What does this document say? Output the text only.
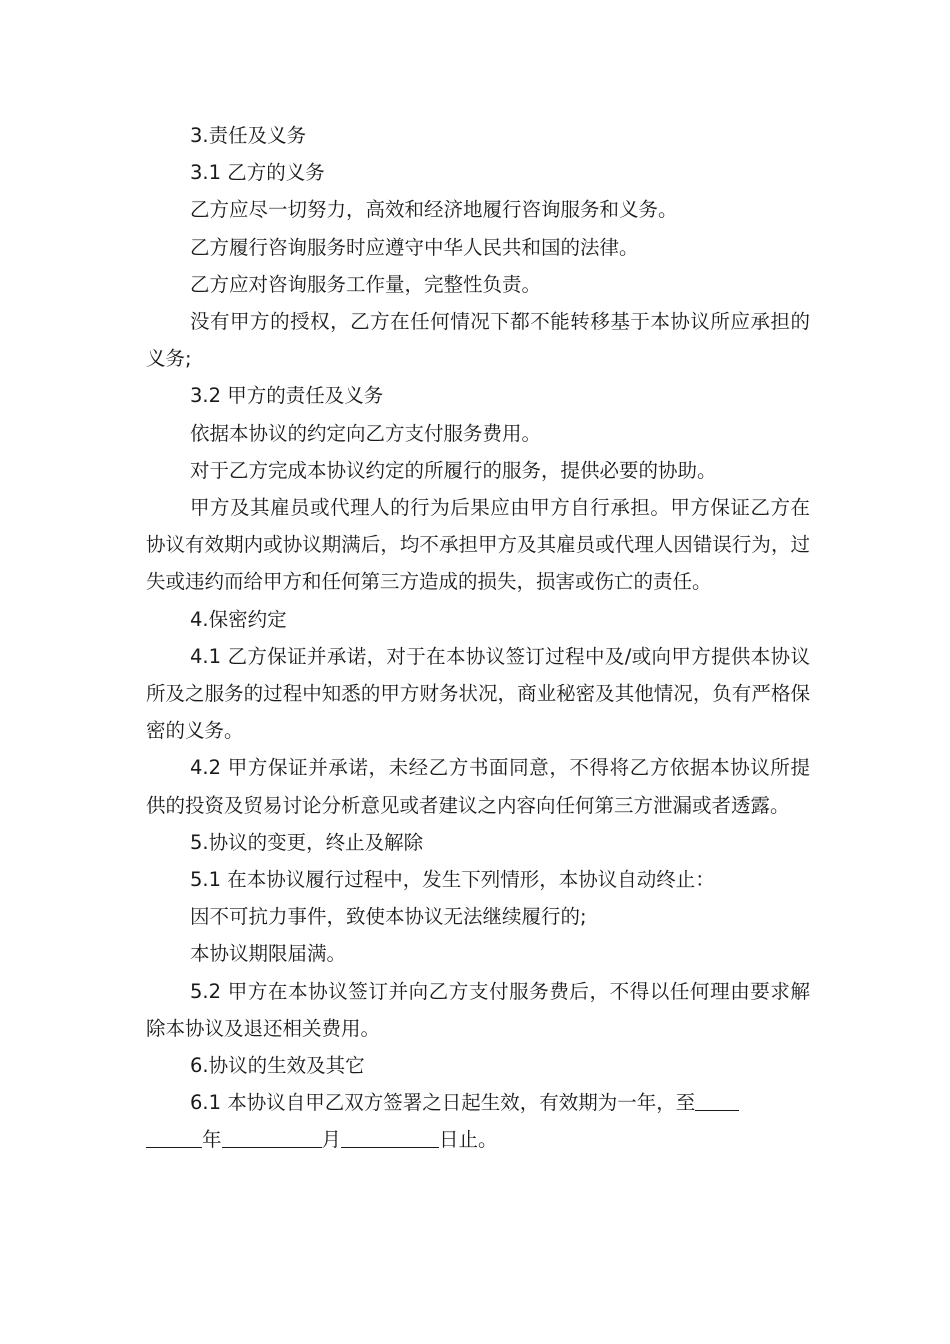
3.责任及义务

3.1 乙方的义务

乙方应尽一切努力，高效和经济地履行咨询服务和义务。

乙方履行咨询服务时应遵守中华人民共和国的法律。

乙方应对咨询服务工作量，完整性负责。

没有甲方的授权，乙方在任何情况下都不能转移基于本协议所应承担的义务;

3.2 甲方的责任及义务

依据本协议的约定向乙方支付服务费用。

对于乙方完成本协议约定的所履行的服务，提供必要的协助。

甲方及其雇员或代理人的行为后果应由甲方自行承担。甲方保证乙方在协议有效期内或协议期满后，均不承担甲方及其雇员或代理人因错误行为，过失或违约而给甲方和任何第三方造成的损失，损害或伤亡的责任。

4.保密约定

4.1 乙方保证并承诺，对于在本协议签订过程中及/或向甲方提供本协议所及之服务的过程中知悉的甲方财务状况，商业秘密及其他情况，负有严格保密的义务。

4.2 甲方保证并承诺，未经乙方书面同意，不得将乙方依据本协议所提供的投资及贸易讨论分析意见或者建议之内容向任何第三方泄漏或者透露。

5.协议的变更，终止及解除

5.1 在本协议履行过程中，发生下列情形，本协议自动终止：

因不可抗力事件，致使本协议无法继续履行的;

本协议期限届满。

5.2 甲方在本协议签订并向乙方支付服务费后，不得以任何理由要求解除本协议及退还相关费用。

6.协议的生效及其它

6.1 本协议自甲乙双方签署之日起生效，有效期为一年，至
年	月	日止。
